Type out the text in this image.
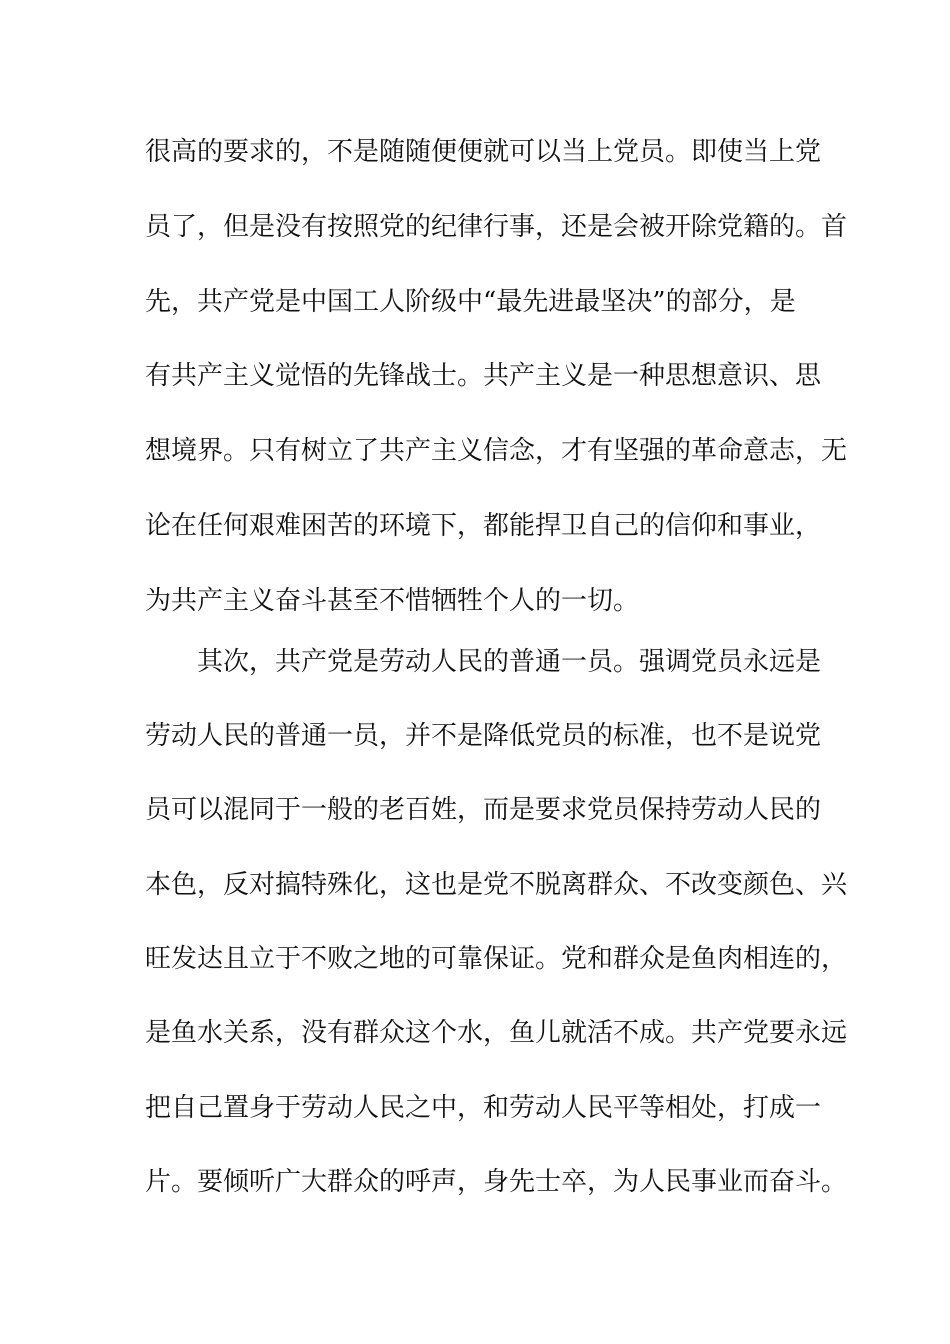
很高的要求的，不是随随便便就可以当上党员。即使当上党
员了，但是没有按照党的纪律行事，还是会被开除党籍的。首
先，共产党是中国工人阶级中“最先进最坚决”的部分，是
有共产主义觉悟的先锋战士。共产主义是一种思想意识、思
想境界。只有树立了共产主义信念，才有坚强的革命意志，无
论在任何艰难困苦的环境下，都能捍卫自己的信仰和事业，
为共产主义奋斗甚至不惜牺牲个人的一切。
其次，共产党是劳动人民的普通一员。强调党员永远是
劳动人民的普通一员，并不是降低党员的标准，也不是说党
员可以混同于一般的老百姓，而是要求党员保持劳动人民的
本色，反对搞特殊化，这也是党不脱离群众、不改变颜色、兴
旺发达且立于不败之地的可靠保证。党和群众是鱼肉相连的，
是鱼水关系，没有群众这个水，鱼儿就活不成。共产党要永远
把自己置身于劳动人民之中，和劳动人民平等相处，打成一
片。要倾听广大群众的呼声，身先士卒，为人民事业而奋斗。
